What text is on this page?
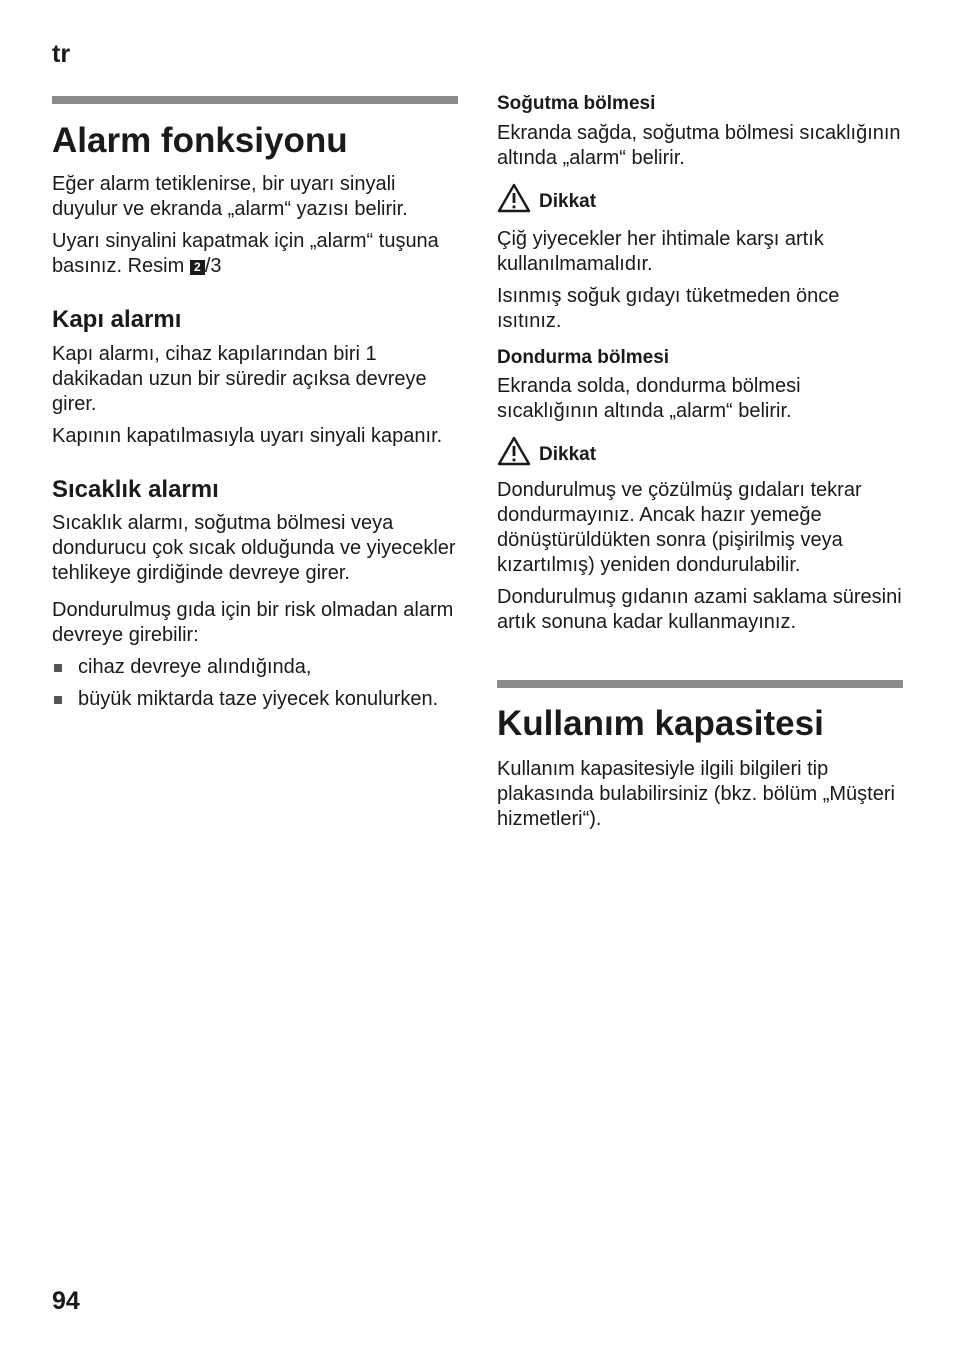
tr
Alarm fonksiyonu

Eğer alarm tetiklenirse, bir uyarı sinyali duyulur ve ekranda „alarm“ yazısı belirir.

Uyarı sinyalini kapatmak için „alarm“ tuşuna basınız. Resim 2 /3

Kapı alarmı

Kapı alarmı, cihaz kapılarından biri 1 dakikadan uzun bir süredir açıksa devreye girer.

Kapının kapatılmasıyla uyarı sinyali kapanır.

Sıcaklık alarmı

Sıcaklık alarmı, soğutma bölmesi veya dondurucu çok sıcak olduğunda ve yiyecekler tehlikeye girdiğinde devreye girer.

Dondurulmuş gıda için bir risk olmadan alarm devreye girebilir:

cihaz devreye alındığında,
büyük miktarda taze yiyecek konulurken.
Soğutma bölmesi

Ekranda sağda, soğutma bölmesi sıcaklığının altında „alarm“ belirir.

Dikkat

Çiğ yiyecekler her ihtimale karşı artık kullanılmamalıdır.

Isınmış soğuk gıdayı tüketmeden önce ısıtınız.

Dondurma bölmesi

Ekranda solda, dondurma bölmesi sıcaklığının altında „alarm“ belirir.

Dikkat

Dondurulmuş ve çözülmüş gıdaları tekrar dondurmayınız. Ancak hazır yemeğe dönüştürüldükten sonra (pişirilmiş veya kızartılmış) yeniden dondurulabilir.

Dondurulmuş gıdanın azami saklama süresini artık sonuna kadar kullanmayınız.

Kullanım kapasitesi

Kullanım kapasitesiyle ilgili bilgileri tip plakasında bulabilirsiniz (bkz. bölüm „Müşteri hizmetleri“).

94
